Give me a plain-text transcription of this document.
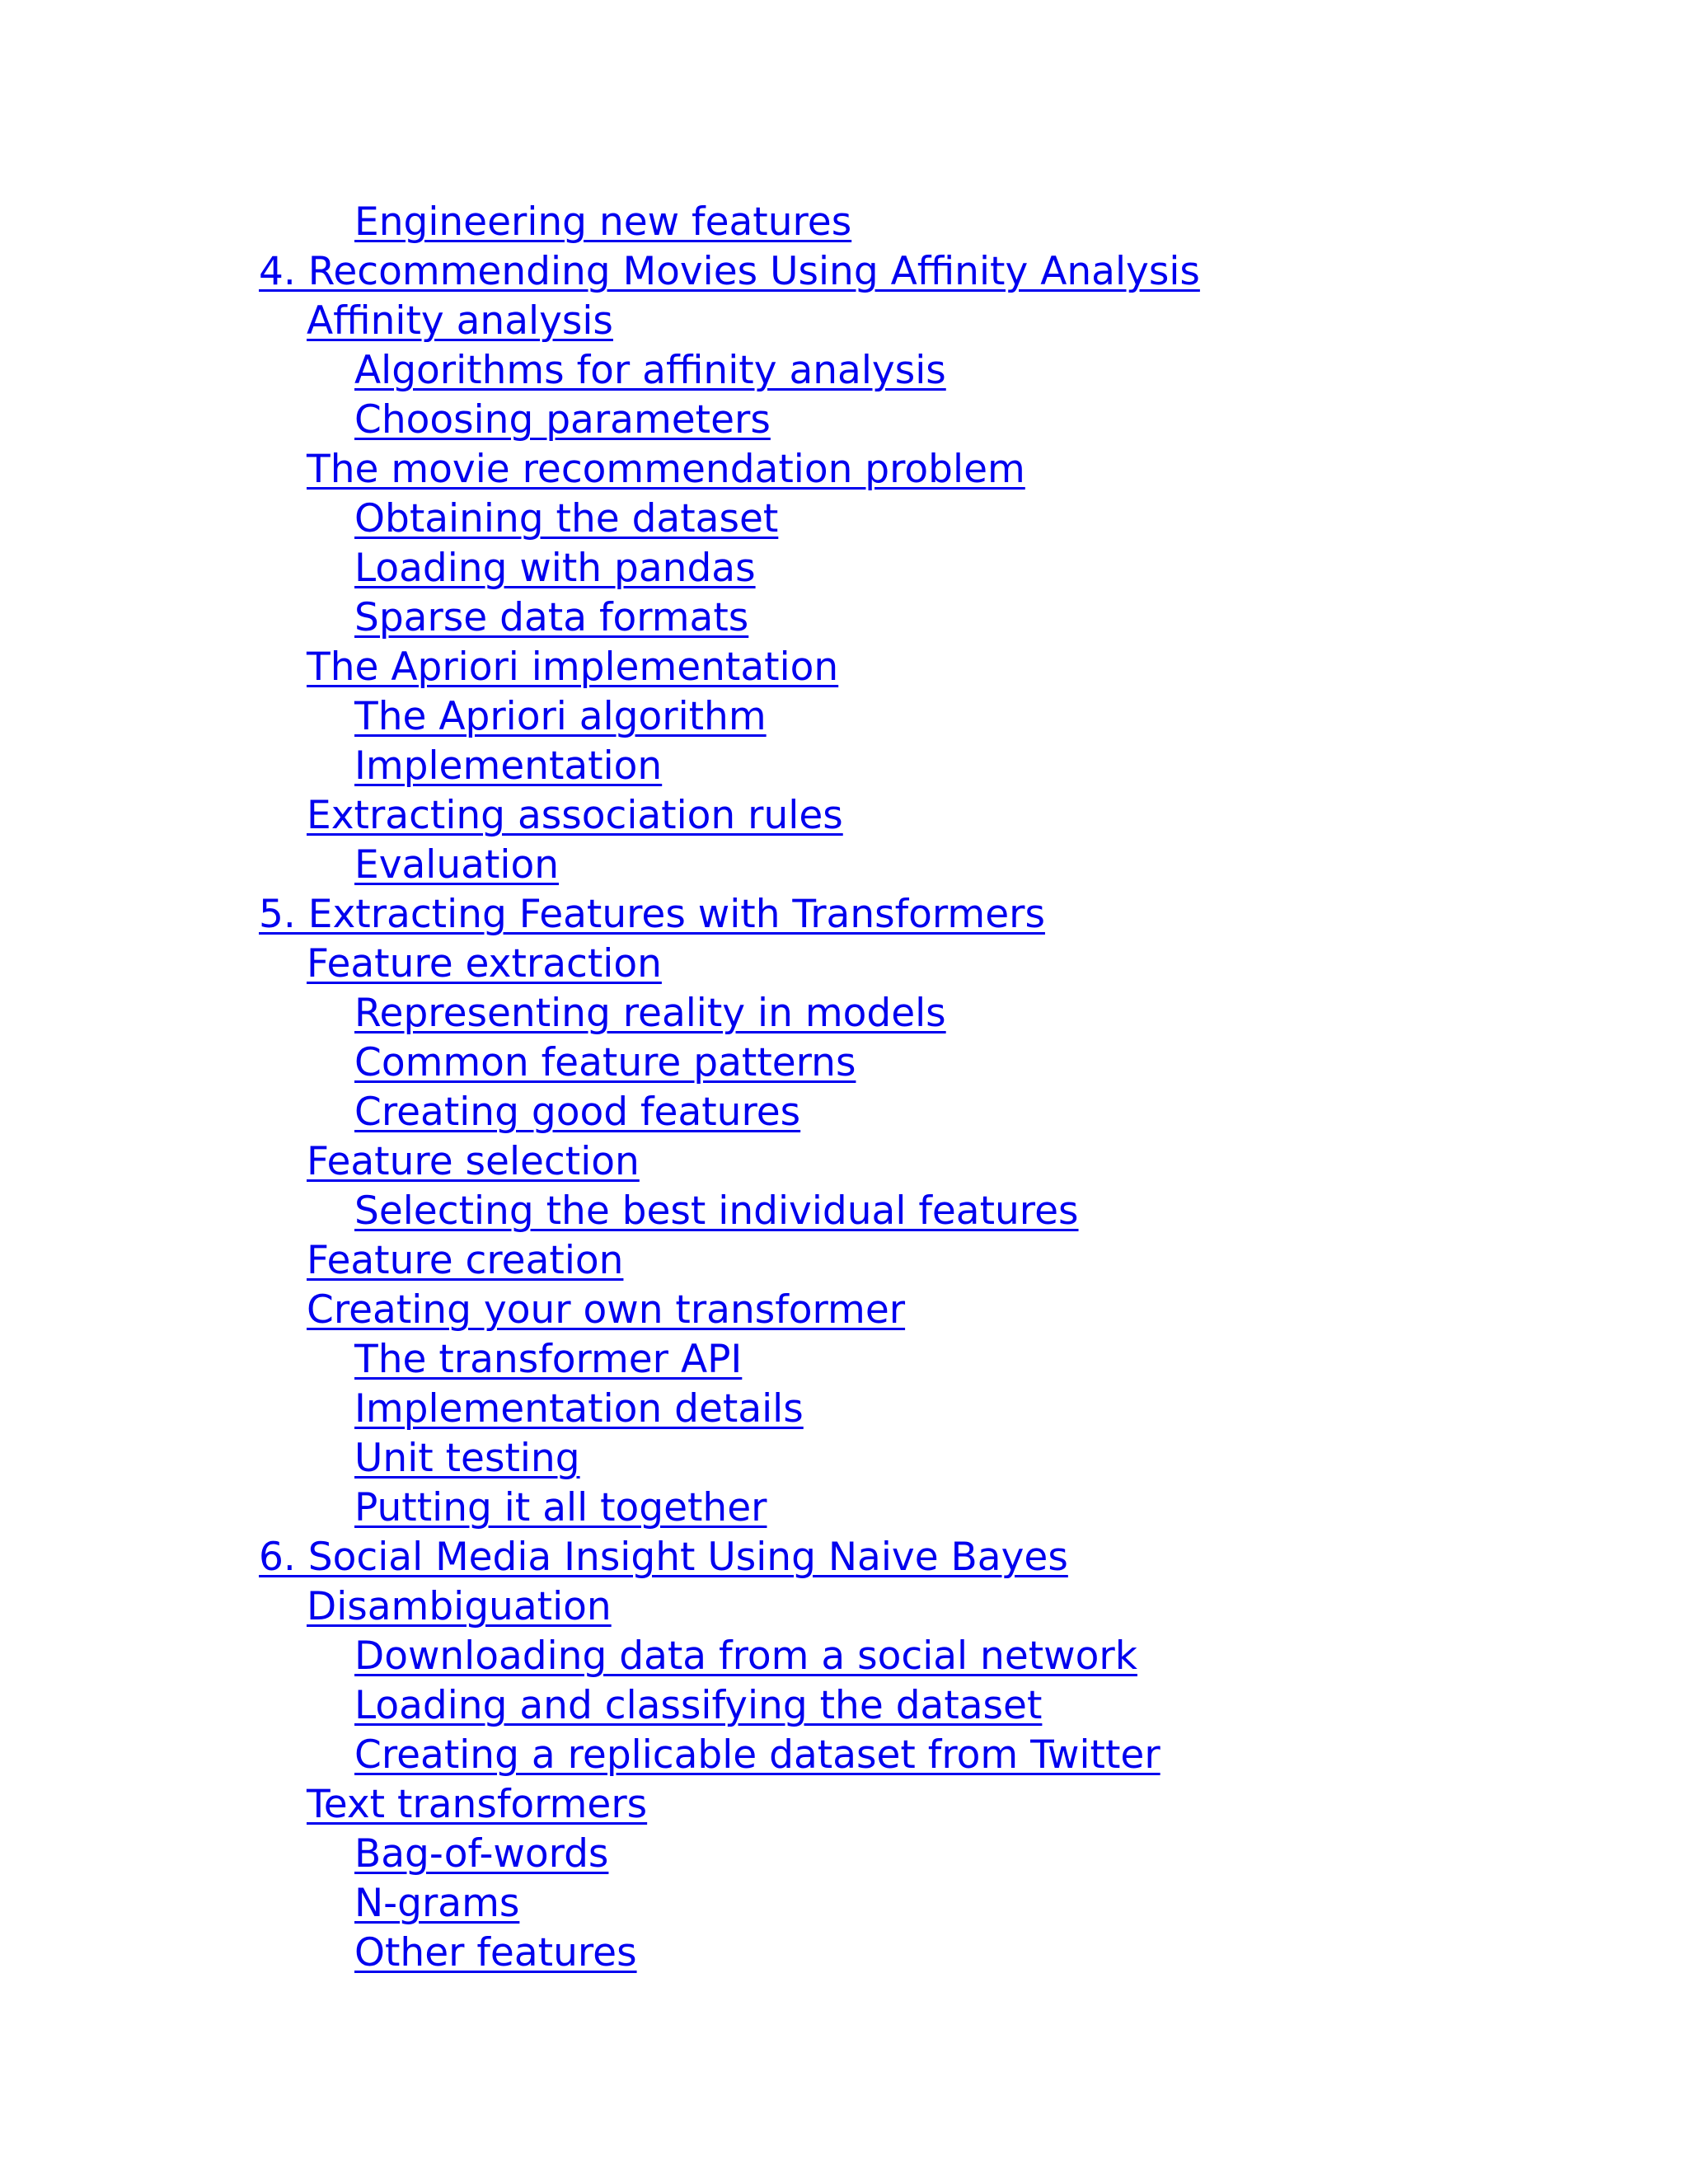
Engineering new features
4. Recommending Movies Using Affinity Analysis
Affinity analysis
Algorithms for affinity analysis
Choosing parameters
The movie recommendation problem
Obtaining the dataset
Loading with pandas
Sparse data formats
The Apriori implementation
The Apriori algorithm
Implementation
Extracting association rules
Evaluation
5. Extracting Features with Transformers
Feature extraction
Representing reality in models
Common feature patterns
Creating good features
Feature selection
Selecting the best individual features
Feature creation
Creating your own transformer
The transformer API
Implementation details
Unit testing
Putting it all together
6. Social Media Insight Using Naive Bayes
Disambiguation
Downloading data from a social network
Loading and classifying the dataset
Creating a replicable dataset from Twitter
Text transformers
Bag-of-words
N-grams
Other features
